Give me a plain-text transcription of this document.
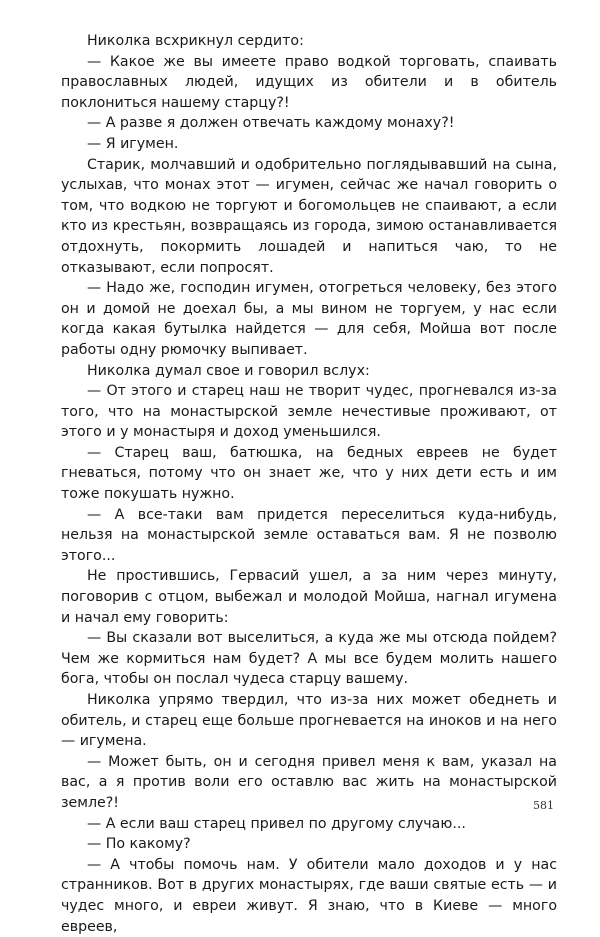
Николка всхрикнул сердито:

— Какое же вы имеете право водкой торговать, спаивать православных людей, идущих из обители и в обитель поклониться нашему старцу?!

— А разве я должен отвечать каждому монаху?!

— Я игумен.

Старик, молчавший и одобрительно поглядывавший на сына, услыхав, что монах этот — игумен, сейчас же начал говорить о том, что водкою не торгуют и богомольцев не спаивают, а если кто из крестьян, возвращаясь из города, зимою останавливается отдохнуть, покормить лошадей и напиться чаю, то не отказывают, если попросят.

— Надо же, господин игумен, отогреться человеку, без этого он и домой не доехал бы, а мы вином не торгуем, у нас если когда какая бутылка найдется — для себя, Мойша вот после работы одну рюмочку выпивает.

Николка думал свое и говорил вслух:

— От этого и старец наш не творит чудес, прогневался из-за того, что на монастырской земле нечестивые проживают, от этого и у монастыря и доход уменьшился.

— Старец ваш, батюшка, на бедных евреев не будет гневаться, потому что он знает же, что у них дети есть и им тоже покушать нужно.

— А все-таки вам придется переселиться куда-нибудь, нельзя на монастырской земле оставаться вам. Я не позволю этого...

Не простившись, Гервасий ушел, а за ним через минуту, поговорив с отцом, выбежал и молодой Мойша, нагнал игумена и начал ему говорить:

— Вы сказали вот выселиться, а куда же мы отсюда пойдем? Чем же кормиться нам будет? А мы все будем молить нашего бога, чтобы он послал чудеса старцу вашему.

Николка упрямо твердил, что из-за них может обеднеть и обитель, и старец еще больше прогневается на иноков и на него — игумена.

— Может быть, он и сегодня привел меня к вам, указал на вас, а я против воли его оставлю вас жить на монастырской земле?!

— А если ваш старец привел по другому случаю...

— По какому?

— А чтобы помочь нам. У обители мало доходов и у нас странников. Вот в других монастырях, где ваши святые есть — и чудес много, и евреи живут. Я знаю, что в Киеве — много евреев,

581
